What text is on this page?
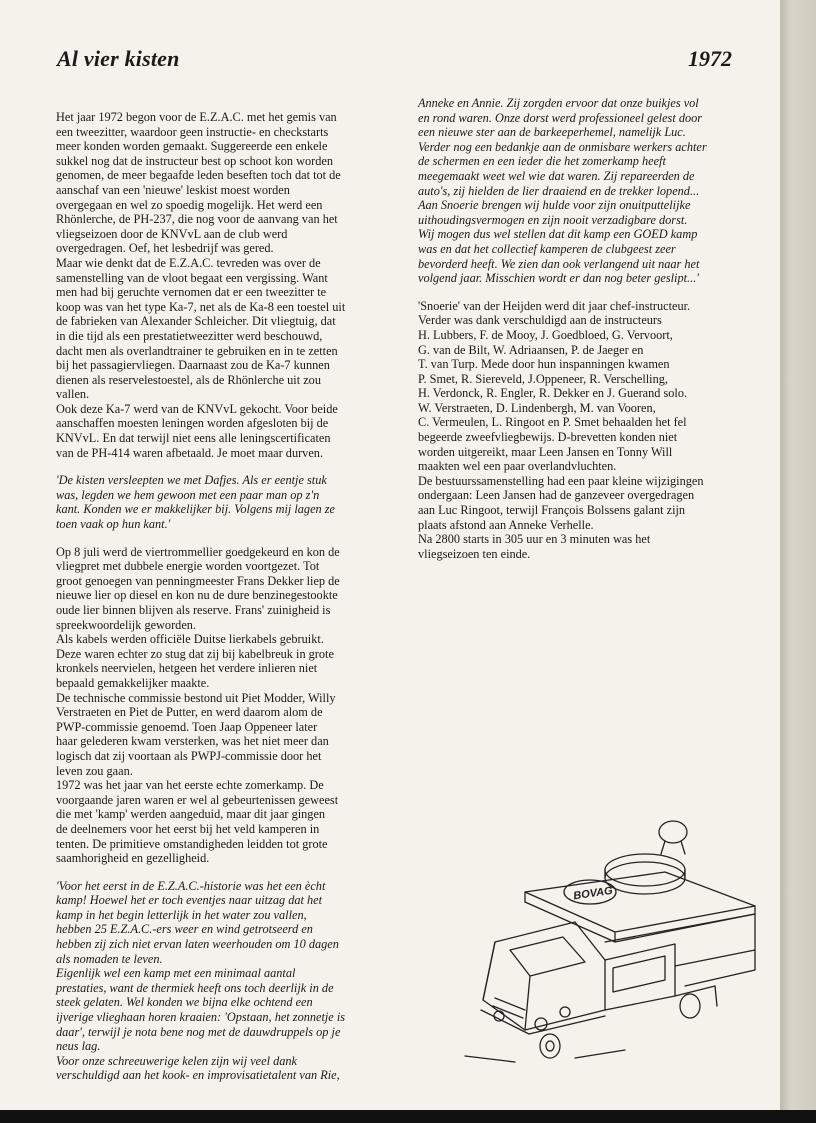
Al vier kisten	1972

Het jaar 1972 begon voor de E.Z.A.C. met het gemis van
een tweezitter, waardoor geen instructie- en checkstarts
meer konden worden gemaakt. Suggereerde een enkele
sukkel nog dat de instructeur best op schoot kon worden
genomen, de meer begaafde leden beseften toch dat tot de
aanschaf van een 'nieuwe' leskist moest worden
overgegaan en wel zo spoedig mogelijk. Het werd een
Rhönlerche, de PH-237, die nog voor de aanvang van het
vliegseizoen door de KNVvL aan de club werd
overgedragen. Oef, het lesbedrijf was gered.
Maar wie denkt dat de E.Z.A.C. tevreden was over de
samenstelling van de vloot begaat een vergissing. Want
men had bij geruchte vernomen dat er een tweezitter te
koop was van het type Ka-7, net als de Ka-8 een toestel uit
de fabrieken van Alexander Schleicher. Dit vliegtuig, dat
in die tijd als een prestatietweezitter werd beschouwd,
dacht men als overlandtrainer te gebruiken en in te zetten
bij het passagiervliegen. Daarnaast zou de Ka-7 kunnen
dienen als reservelestoestel, als de Rhönlerche uit zou
vallen.
Ook deze Ka-7 werd van de KNVvL gekocht. Voor beide
aanschaffen moesten leningen worden afgesloten bij de
KNVvL. En dat terwijl niet eens alle leningscertificaten
van de PH-414 waren afbetaald. Je moet maar durven.

'De kisten versleepten we met Dafjes. Als er eentje stuk
was, legden we hem gewoon met een paar man op z'n
kant. Konden we er makkelijker bij. Volgens mij lagen ze
toen vaak op hun kant.'

Op 8 juli werd de viertrommellier goedgekeurd en kon de
vliegpret met dubbele energie worden voortgezet. Tot
groot genoegen van penningmeester Frans Dekker liep de
nieuwe lier op diesel en kon nu de dure benzinegestookte
oude lier binnen blijven als reserve. Frans' zuinigheid is
spreekwoordelijk geworden.
Als kabels werden officiële Duitse lierkabels gebruikt.
Deze waren echter zo stug dat zij bij kabelbreuk in grote
kronkels neervielen, hetgeen het verdere inlieren niet
bepaald gemakkelijker maakte.
De technische commissie bestond uit Piet Modder, Willy
Verstraeten en Piet de Putter, en werd daarom alom de
PWP-commissie genoemd. Toen Jaap Oppeneer later
haar gelederen kwam versterken, was het niet meer dan
logisch dat zij voortaan als PWPJ-commissie door het
leven zou gaan.
1972 was het jaar van het eerste echte zomerkamp. De
voorgaande jaren waren er wel al gebeurtenissen geweest
die met 'kamp' werden aangeduid, maar dit jaar gingen
de deelnemers voor het eerst bij het veld kamperen in
tenten. De primitieve omstandigheden leidden tot grote
saamhorigheid en gezelligheid.

'Voor het eerst in de E.Z.A.C.-historie was het een ècht
kamp! Hoewel het er toch eventjes naar uitzag dat het
kamp in het begin letterlijk in het water zou vallen,
hebben 25 E.Z.A.C.-ers weer en wind getrotseerd en
hebben zij zich niet ervan laten weerhouden om 10 dagen
als nomaden te leven.
Eigenlijk wel een kamp met een minimaal aantal
prestaties, want de thermiek heeft ons toch deerlijk in de
steek gelaten. Wel konden we bijna elke ochtend een
ijverige vlieghaan horen kraaien: 'Opstaan, het zonnetje is
daar', terwijl je nota bene nog met de dauwdruppels op je
neus lag.
Voor onze schreeuwerige kelen zijn wij veel dank
verschuldigd aan het kook- en improvisatietalent van Rie,

Anneke en Annie. Zij zorgden ervoor dat onze buikjes vol
en rond waren. Onze dorst werd professioneel gelest door
een nieuwe ster aan de barkeeperhemel, namelijk Luc.
Verder nog een bedankje aan de onmisbare werkers achter
de schermen en een ieder die het zomerkamp heeft
meegemaakt weet wel wie dat waren. Zij repareerden de
auto's, zij hielden de lier draaiend en de trekker lopend...
Aan Snoerie brengen wij hulde voor zijn onuitputtelijke
uithoudingsvermogen en zijn nooit verzadigbare dorst.
Wij mogen dus wel stellen dat dit kamp een GOED kamp
was en dat het collectief kamperen de clubgeest zeer
bevorderd heeft. We zien dan ook verlangend uit naar het
volgend jaar. Misschien wordt er dan nog beter geslipt...'

'Snoerie' van der Heijden werd dit jaar chef-instructeur.
Verder was dank verschuldigd aan de instructeurs
H. Lubbers, F. de Mooy, J. Goedbloed, G. Vervoort,
G. van de Bilt, W. Adriaansen, P. de Jaeger en
T. van Turp. Mede door hun inspanningen kwamen
P. Smet, R. Siereveld, J.Oppeneer, R. Verschelling,
H. Verdonck, R. Engler, R. Dekker en J. Guerand solo.
W. Verstraeten, D. Lindenbergh, M. van Vooren,
C. Vermeulen, L. Ringoot en P. Smet behaalden het fel
begeerde zweefvliegbewijs. D-brevetten konden niet
worden uitgereikt, maar Leen Jansen en Tonny Will
maakten wel een paar overlandvluchten.
De bestuurssamenstelling had een paar kleine wijzigingen
ondergaan: Leen Jansen had de ganzeveer overgedragen
aan Luc Ringoot, terwijl François Bolssens galant zijn
plaats afstond aan Anneke Verhelle.
Na 2800 starts in 305 uur en 3 minuten was het
vliegseizoen ten einde.

BOVAG
